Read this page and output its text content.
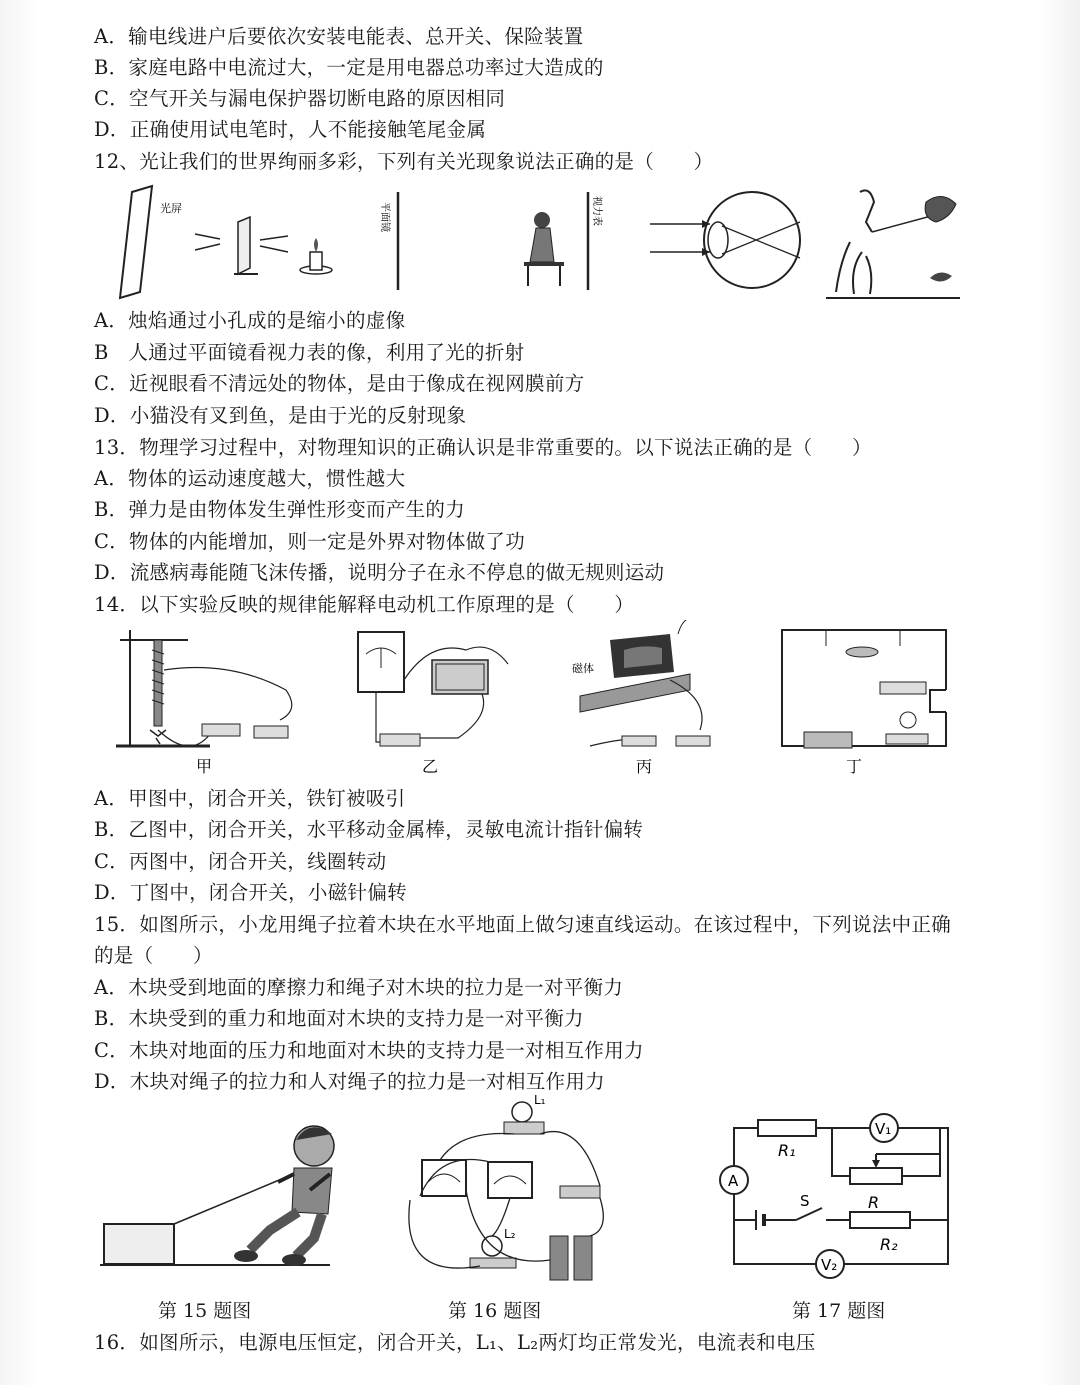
A．输电线进户后要依次安装电能表、总开关、保险装置
B．家庭电路中电流过大，一定是用电器总功率过大造成的
C．空气开关与漏电保护器切断电路的原因相同
D．正确使用试电笔时，人不能接触笔尾金属
12、光让我们的世界绚丽多彩，下列有关光现象说法正确的是（　　）
光屏	平面镜	视力表
A．烛焰通过小孔成的是缩小的虚像
B　人通过平面镜看视力表的像，利用了光的折射
C．近视眼看不清远处的物体，是由于像成在视网膜前方
D．小猫没有叉到鱼，是由于光的反射现象
13．物理学习过程中，对物理知识的正确认识是非常重要的。以下说法正确的是（　　）
A．物体的运动速度越大，惯性越大
B．弹力是由物体发生弹性形变而产生的力
C．物体的内能增加，则一定是外界对物体做了功
D．流感病毒能随飞沫传播，说明分子在永不停息的做无规则运动
14．以下实验反映的规律能解释电动机工作原理的是（　　）
甲	乙
磁体
丙	丁
A．甲图中，闭合开关，铁钉被吸引
B．乙图中，闭合开关，水平移动金属棒，灵敏电流计指针偏转
C．丙图中，闭合开关，线圈转动
D．丁图中，闭合开关，小磁针偏转
15．如图所示，小龙用绳子拉着木块在水平地面上做匀速直线运动。在该过程中，下列说法中正确
的是（　　）
A．木块受到地面的摩擦力和绳子对木块的拉力是一对平衡力
B．木块受到的重力和地面对木块的支持力是一对平衡力
C．木块对地面的压力和地面对木块的支持力是一对相互作用力
D．木块对绳子的拉力和人对绳子的拉力是一对相互作用力
L₁
L₂
R₁
V₁
A
S	R
R₂
V₂
第 15 题图	第 16 题图	第 17 题图
16．如图所示，电源电压恒定，闭合开关，L₁、L₂两灯均正常发光，电流表和电压
